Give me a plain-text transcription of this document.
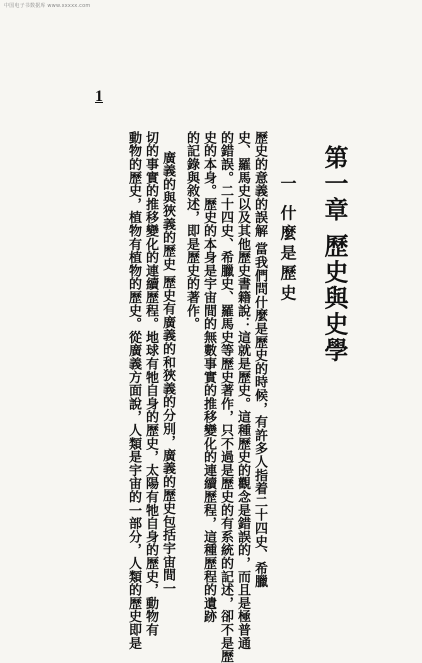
中国电子书数据库 www.xxxxx.com
1
第一章 歷史與史學
一 什麼是歷史
歷史的意義的誤解 當我們問什麼是歷史的時候，有許多人指着二十四史、希臘
史、羅馬史以及其他歷史書籍說：這就是歷史。這種歷史的觀念是錯誤的，而且是極普通
的錯誤。二十四史、希臘史、羅馬史等歷史著作，只不過是歷史的有系統的記述，卻不是歷
史的本身。歷史的本身是宇宙間的無數事實的推移變化的連續歷程，這種歷程的遺跡
的記錄與敘述，即是歷史的著作。
廣義的與狹義的歷史 歷史有廣義的和狹義的分別，廣義的歷史包括宇宙間一
切的事實的推移變化的連續歷程。地球有牠自身的歷史，太陽有牠自身的歷史，動物有
動物的歷史，植物有植物的歷史。從廣義方面說，人類是宇宙的一部分，人類的歷史即是
